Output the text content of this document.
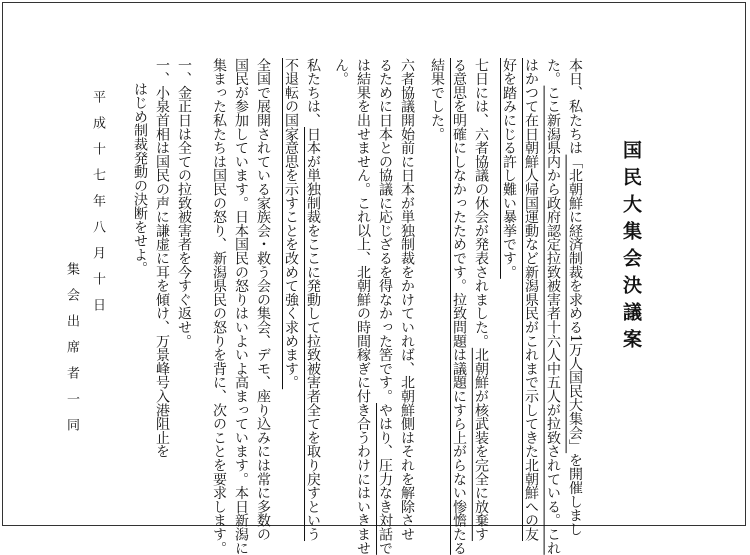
国民大集会決議案
本日、私たちは「北朝鮮に経済制裁を求める1万人国民大集会」を開催しまし
た。ここ新潟県内から政府認定拉致被害者十六人中五人が拉致されている。これ
はかつて在日朝鮮人帰国運動など新潟県民がこれまで示してきた北朝鮮への友
好を踏みにじる許し難い暴挙です。
七日には、六者協議の休会が発表されました。北朝鮮が核武装を完全に放棄す
る意思を明確にしなかったためです。拉致問題は議題にすら上がらない惨憺たる
結果でした。
六者協議開始前に日本が単独制裁をかけていれば、北朝鮮側はそれを解除させ
るために日本との協議に応じざるを得なかった筈です。やはり、圧力なき対話で
は結果を出せません。これ以上、北朝鮮の時間稼ぎに付き合うわけにはいきませ
ん。
私たちは、日本が単独制裁をここに発動して拉致被害者全てを取り戻すという
不退転の国家意思を示すことを改めて強く求めます。
全国で展開されている家族会・救う会の集会、デモ、座り込みには常に多数の
国民が参加しています。日本国民の怒りはいよいよ高まっています。本日新潟に
集まった私たちは国民の怒り、新潟県民の怒りを背に、次のことを要求します。
一、金正日は全ての拉致被害者を今すぐ返せ。
一、小泉首相は国民の声に謙虚に耳を傾け、万景峰号入港阻止を
はじめ制裁発動の決断をせよ。
平成十七年八月十日
集会出席者一同
